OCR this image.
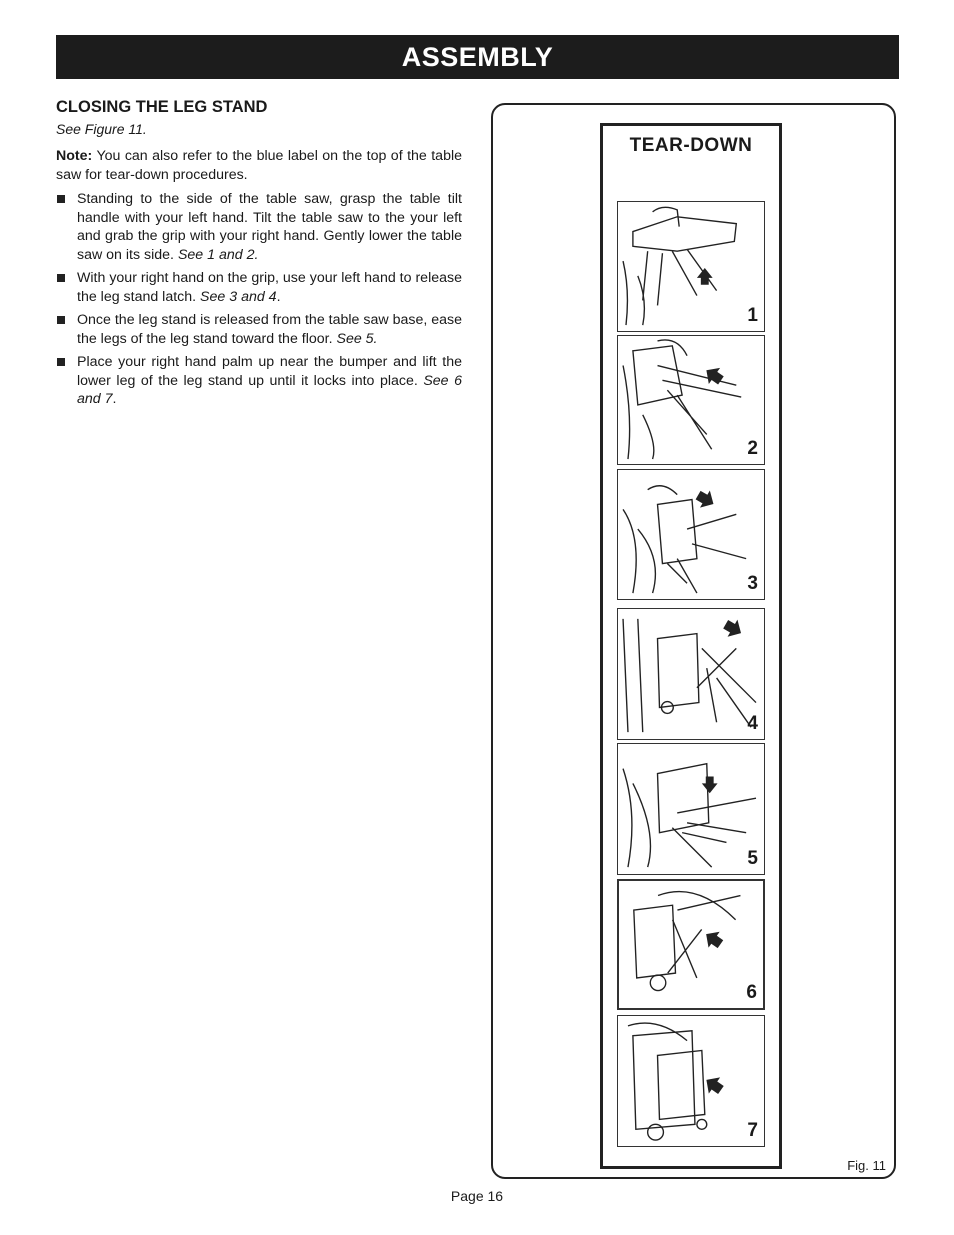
ASSEMBLY
CLOSING THE LEG STAND
See Figure 11.

Note: You can also refer to the blue label on the top of the table saw for tear-down procedures.

Standing to the side of the table saw, grasp the table tilt handle with your left hand. Tilt the table saw to the your left and grab the grip with your right hand. Gently lower the table saw on its side. See 1 and 2.
With your right hand on the grip, use your left hand to release the leg stand latch. See 3 and 4.
Once the leg stand is released from the table saw base, ease the legs of the leg stand toward the floor. See 5.
Place your right hand palm up near the bumper and lift the lower leg of the leg stand up until it locks into place. See 6 and 7.
Fig. 11
TEAR-DOWN
1
2
3
4
5
6
7
Page 16
